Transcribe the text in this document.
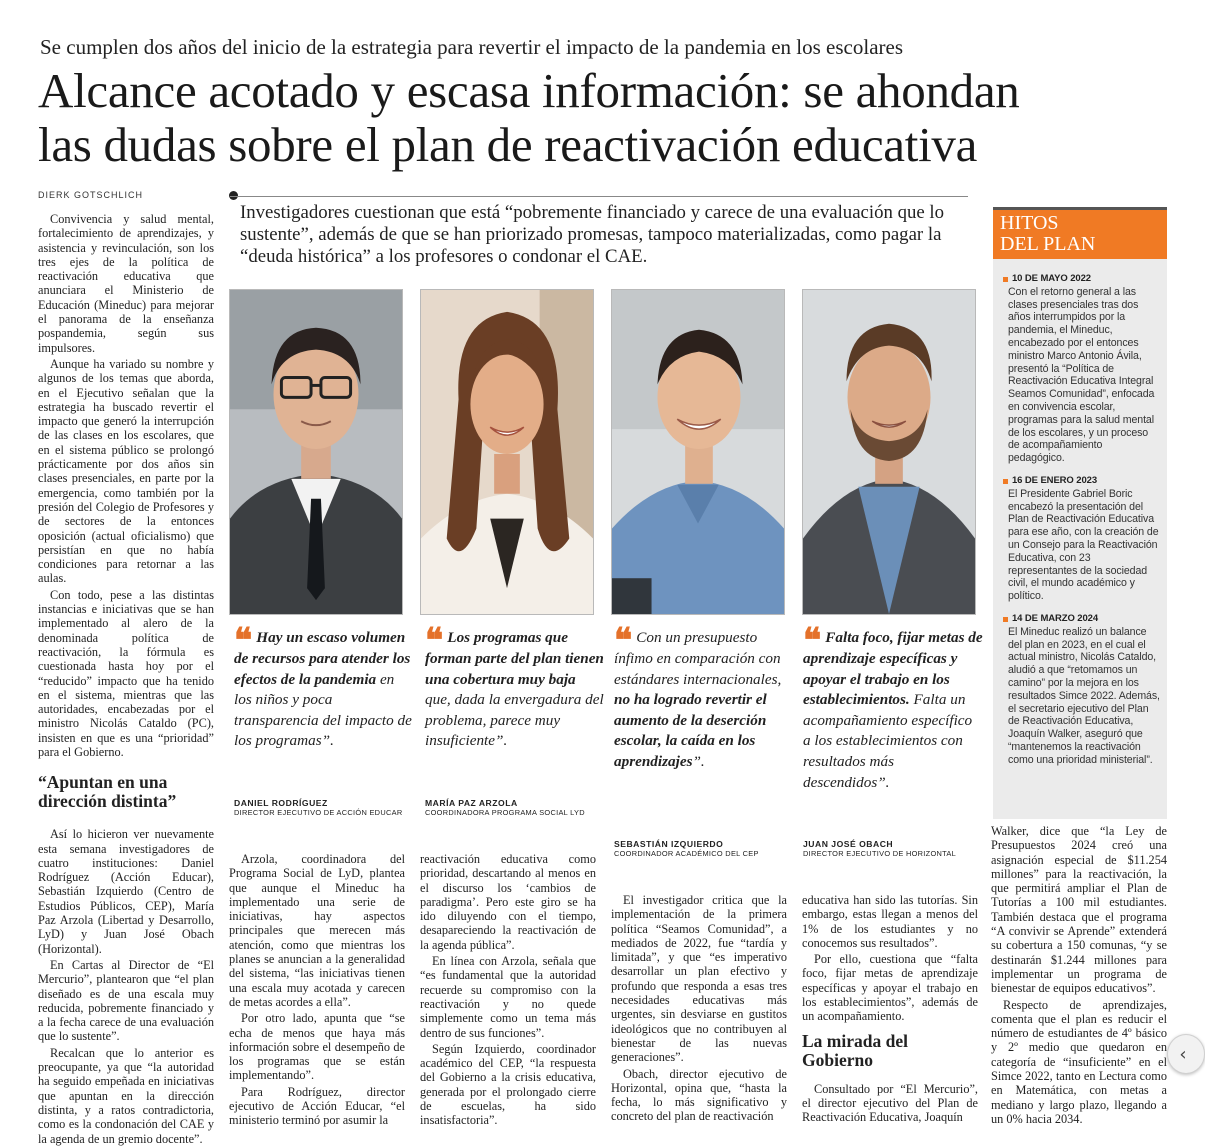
Se cumplen dos años del inicio de la estrategia para revertir el impacto de la pandemia en los escolares
Alcance acotado y escasa información: se ahondan
las dudas sobre el plan de reactivación educativa
DIERK GOTSCHLICH

Convivencia y salud mental, fortalecimiento de aprendizajes, y asistencia y revinculación, son los tres ejes de la política de reactivación educativa que anunciara el Ministerio de Educación (Mineduc) para mejorar el panorama de la enseñanza pospandemia, según sus impulsores.

Aunque ha variado su nombre y algunos de los temas que aborda, en el Ejecutivo señalan que la estrategia ha buscado revertir el impacto que generó la interrupción de las clases en los escolares, que en el sistema público se prolongó prácticamente por dos años sin clases presenciales, en parte por la emergencia, como también por la presión del Colegio de Profesores y de sectores de la entonces oposición (actual oficialismo) que persistían en que no había condiciones para retornar a las aulas.

Con todo, pese a las distintas instancias e iniciativas que se han implementado al alero de la denominada política de reactivación, la fórmula es cuestionada hasta hoy por el “reducido” impacto que ha tenido en el sistema, mientras que las autoridades, encabezadas por el ministro Nicolás Cataldo (PC), insisten en que es una “prioridad” para el Gobierno.

“Apuntan en una dirección distinta”

Así lo hicieron ver nuevamente esta semana investigadores de cuatro instituciones: Daniel Rodríguez (Acción Educar), Sebastián Izquierdo (Centro de Estudios Públicos, CEP), María Paz Arzola (Libertad y Desarrollo, LyD) y Juan José Obach (Horizontal).

En Cartas al Director de “El Mercurio”, plantearon que “el plan diseñado es de una escala muy reducida, pobremente financiado y a la fecha carece de una evaluación que lo sustente”.

Recalcan que lo anterior es preocupante, ya que “la autoridad ha seguido empeñada en iniciativas que apuntan en la dirección distinta, y a ratos contradictoria, como es la condonación del CAE y la agenda de un gremio docente”.

Investigadores cuestionan que está “pobremente financiado y carece de una evaluación que lo sustente”, además de que se han priorizado promesas, tampoco materializadas, como pagar la “deuda histórica” a los profesores o condonar el CAE.
❝ Hay un escaso volumen de recursos para atender los efectos de la pandemia en los niños y poca transparencia del impacto de los programas”.
DANIEL RODRÍGUEZ
DIRECTOR EJECUTIVO DE ACCIÓN EDUCAR
❝ Los programas que forman parte del plan tienen una cobertura muy baja que, dada la envergadura del problema, parece muy insuficiente”.
MARÍA PAZ ARZOLA
COORDINADORA PROGRAMA SOCIAL LYD
❝ Con un presupuesto ínfimo en comparación con estándares internacionales, no ha logrado revertir el aumento de la deserción escolar, la caída en los aprendizajes”.
SEBASTIÁN IZQUIERDO
COORDINADOR ACADÉMICO DEL CEP
❝ Falta foco, fijar metas de aprendizaje específicas y apoyar el trabajo en los establecimientos. Falta un acompañamiento específico a los establecimientos con resultados más descendidos”.
JUAN JOSÉ OBACH
DIRECTOR EJECUTIVO DE HORIZONTAL

Arzola, coordinadora del Programa Social de LyD, plantea que aunque el Mineduc ha implementado una serie de iniciativas, hay aspectos principales que merecen más atención, como que mientras los planes se anuncian a la generalidad del sistema, “las iniciativas tienen una escala muy acotada y carecen de metas acordes a ella”.

Por otro lado, apunta que “se echa de menos que haya más información sobre el desempeño de los programas que se están implementando”.

Para Rodríguez, director ejecutivo de Acción Educar, “el ministerio terminó por asumir la

reactivación educativa como prioridad, descartando al menos en el discurso los ‘cambios de paradigma’. Pero este giro se ha ido diluyendo con el tiempo, desapareciendo la reactivación de la agenda pública”.

En línea con Arzola, señala que “es fundamental que la autoridad recuerde su compromiso con la reactivación y no quede simplemente como un tema más dentro de sus funciones”.

Según Izquierdo, coordinador académico del CEP, “la respuesta del Gobierno a la crisis educativa, generada por el prolongado cierre de escuelas, ha sido insatisfactoria”.

El investigador critica que la implementación de la primera política “Seamos Comunidad”, a mediados de 2022, fue “tardía y limitada”, y que “es imperativo desarrollar un plan efectivo y profundo que responda a esas tres necesidades educativas más urgentes, sin desviarse en gustitos ideológicos que no contribuyen al bienestar de las nuevas generaciones”.

Obach, director ejecutivo de Horizontal, opina que, “hasta la fecha, lo más significativo y concreto del plan de reactivación

educativa han sido las tutorías. Sin embargo, estas llegan a menos del 1% de los estudiantes y no conocemos sus resultados”.

Por ello, cuestiona que “falta foco, fijar metas de aprendizaje específicas y apoyar el trabajo en los establecimientos”, además de un acompañamiento.

La mirada del Gobierno

Consultado por “El Mercurio”, el director ejecutivo del Plan de Reactivación Educativa, Joaquín

Walker, dice que “la Ley de Presupuestos 2024 creó una asignación especial de $11.254 millones” para la reactivación, la que permitirá ampliar el Plan de Tutorías a 100 mil estudiantes. También destaca que el programa “A convivir se Aprende” extenderá su cobertura a 150 comunas, “y se destinarán $1.244 millones para implementar un programa de bienestar de equipos educativos”.

Respecto de aprendizajes, comenta que el plan es reducir el número de estudiantes de 4º básico y 2º medio que quedaron en categoría de “insuficiente” en el Simce 2022, tanto en Lectura como en Matemática, con metas a mediano y largo plazo, llegando a un 0% hacia 2034.

HITOS
DEL PLAN
10 DE MAYO 2022
Con el retorno general a las clases presenciales tras dos años interrumpidos por la pandemia, el Mineduc, encabezado por el entonces ministro Marco Antonio Ávila, presentó la “Política de Reactivación Educativa Integral Seamos Comunidad”, enfocada en convivencia escolar, programas para la salud mental de los escolares, y un proceso de acompañamiento pedagógico.
16 DE ENERO 2023
El Presidente Gabriel Boric encabezó la presentación del Plan de Reactivación Educativa para ese año, con la creación de un Consejo para la Reactivación Educativa, con 23 representantes de la sociedad civil, el mundo académico y político.
14 DE MARZO 2024
El Mineduc realizó un balance del plan en 2023, en el cual el actual ministro, Nicolás Cataldo, aludió a que “retomamos un camino” por la mejora en los resultados Simce 2022. Además, el secretario ejecutivo del Plan de Reactivación Educativa, Joaquín Walker, aseguró que “mantenemos la reactivación como una prioridad ministerial”.
‹
